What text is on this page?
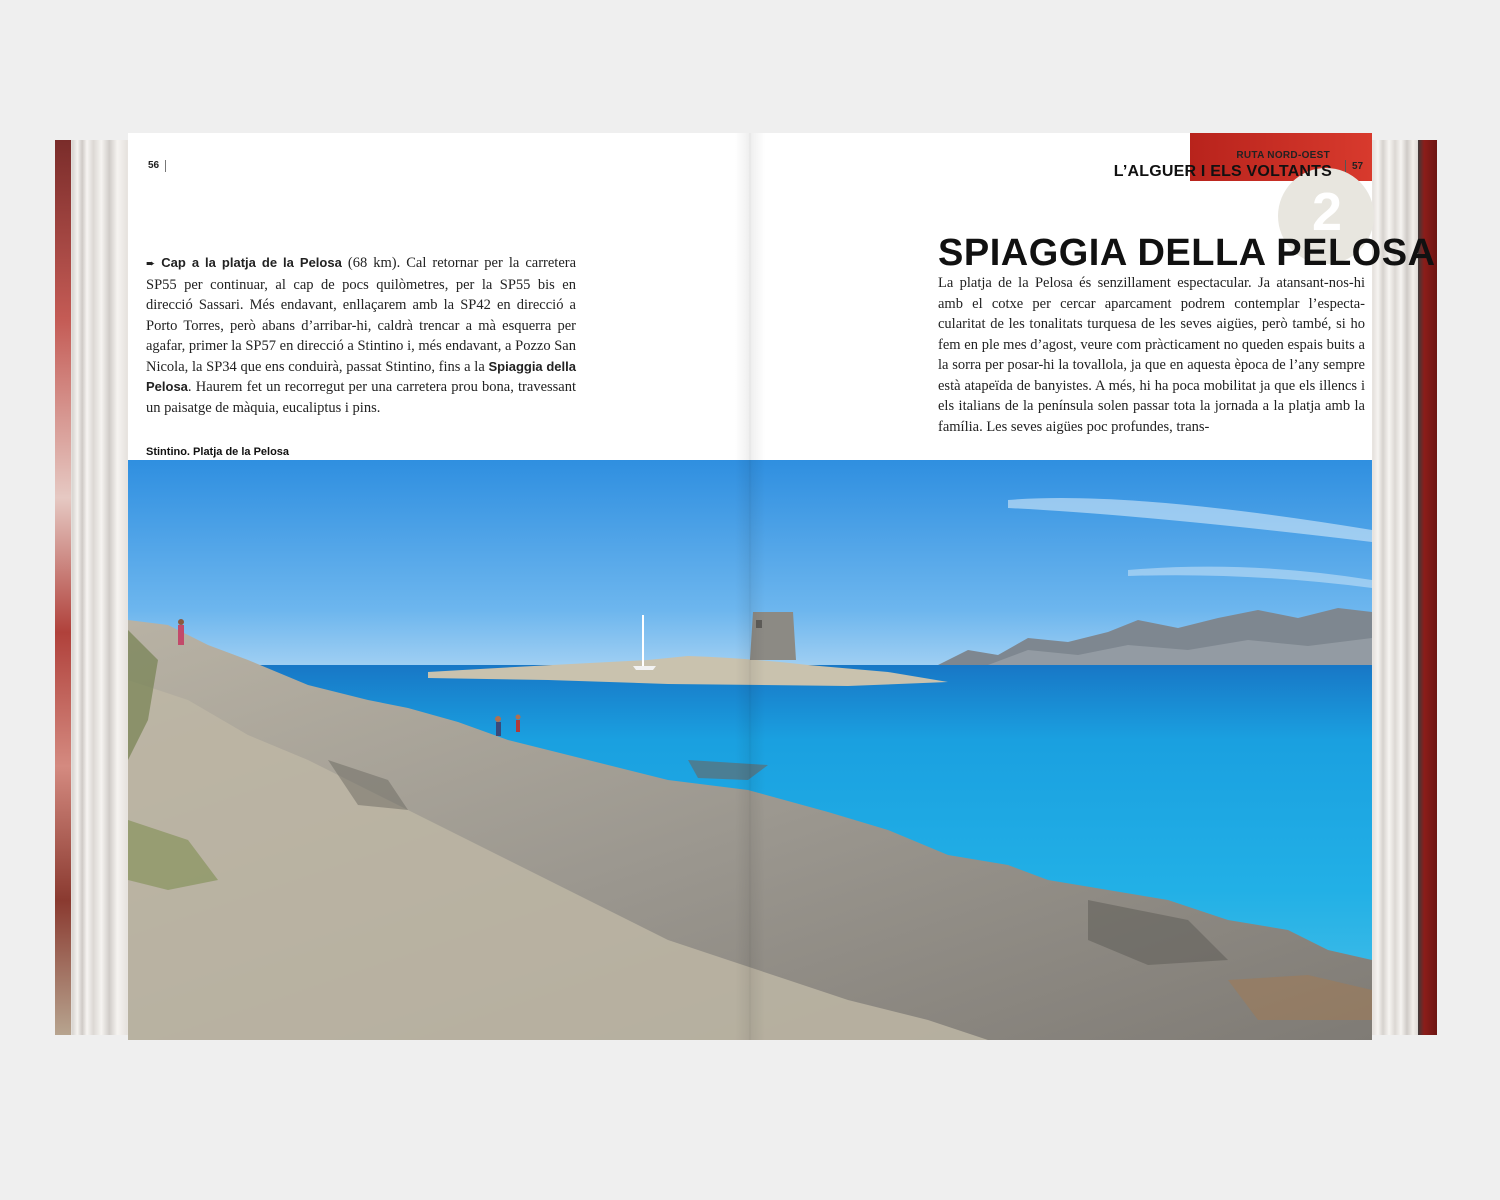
56
2
RUTA NORD-OEST
L’ALGUER I ELS VOLTANTS 57
SPIAGGIA DELLA PELOSA
➨ Cap a la platja de la Pelosa (68 km). Cal retornar per la carretera SP55 per continuar, al cap de pocs quilòmetres, per la SP55 bis en direcció Sassari. Més endavant, enllaçarem amb la SP42 en direcció a Porto Torres, però abans d’arribar-hi, caldrà trencar a mà esquerra per agafar, primer la SP57 en direcció a Stintino i, més endavant, a Pozzo San Nicola, la SP34 que ens conduirà, passat Stintino, fins a la Spiaggia della Pelosa. Haurem fet un recorregut per una carretera prou bona, travessant un paisatge de màquia, eucaliptus i pins.
La platja de la Pelosa és senzillament espectacular. Ja atansant-nos-hi amb el cotxe per cercar aparcament podrem contemplar l’especta-cularitat de les tonalitats turquesa de les seves aigües, però també, si ho fem en ple mes d’agost, veure com pràcticament no queden espais buits a la sorra per posar-hi la tovallola, ja que en aquesta època de l’any sempre està atapeïda de banyistes. A més, hi ha poca mobilitat ja que els illencs i els italians de la península solen passar tota la jornada a la platja amb la família. Les seves aigües poc profundes, trans-
Stintino. Platja de la Pelosa
